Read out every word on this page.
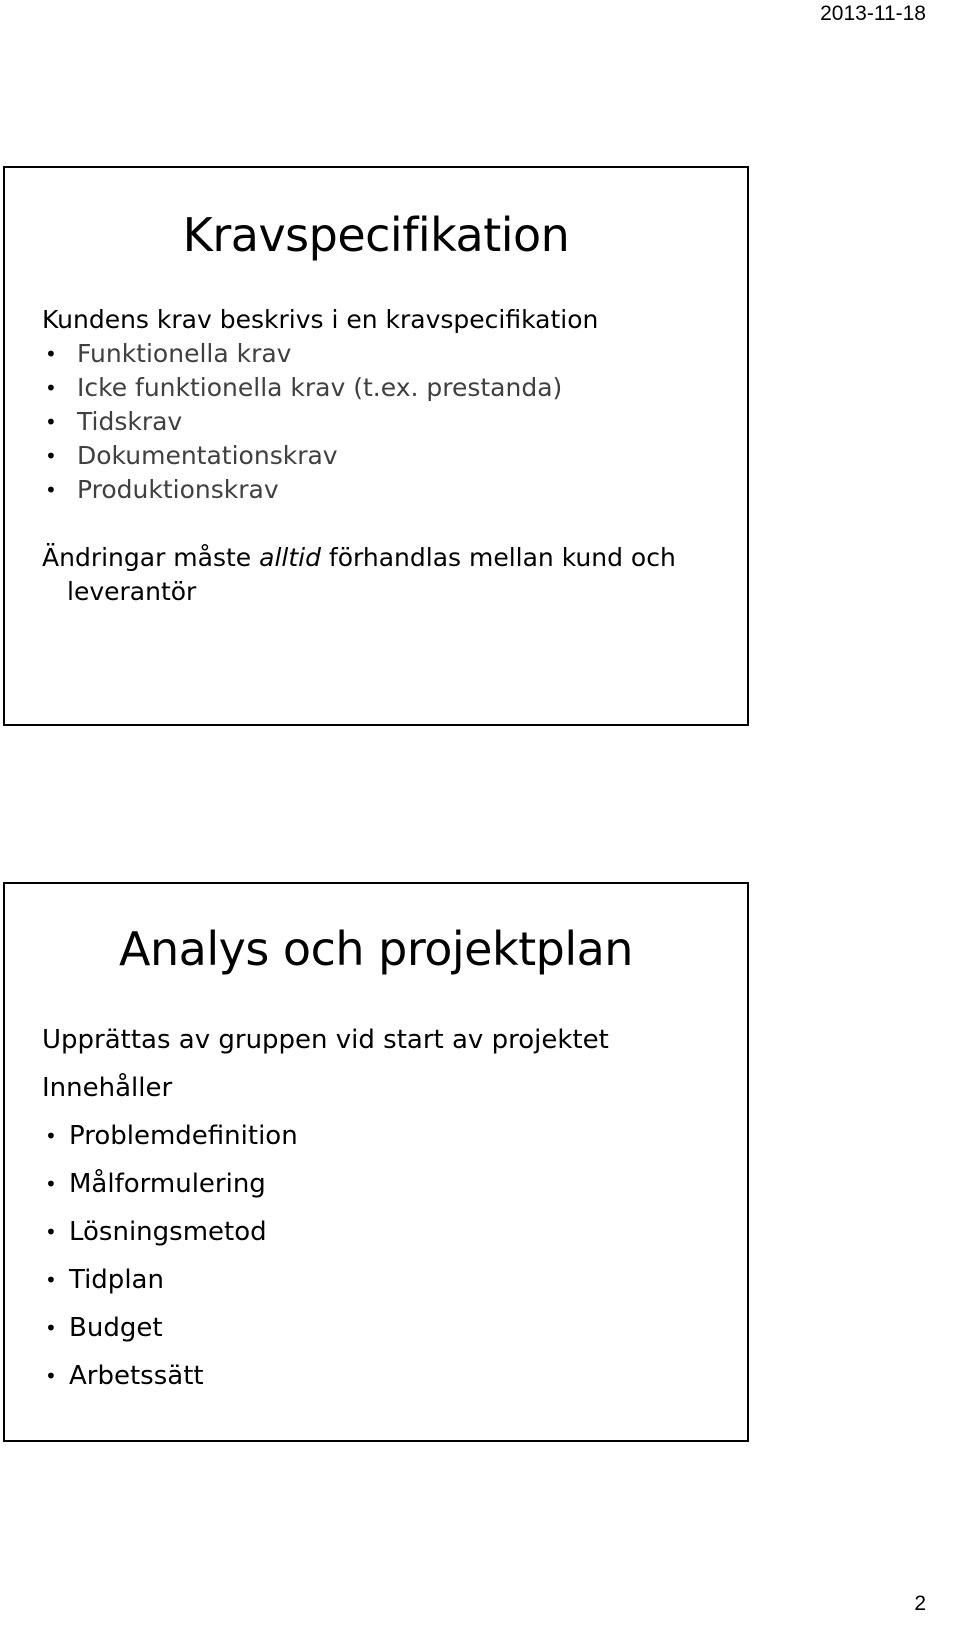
2013-11-18
Kravspecifikation

Kundens krav beskrivs i en kravspecifikation

• Funktionella krav
• Icke funktionella krav (t.ex. prestanda)
• Tidskrav
• Dokumentationskrav
• Produktionskrav

Ändringar måste alltid förhandlas mellan kund och leverantör

Analys och projektplan

Upprättas av gruppen vid start av projektet

Innehåller

• Problemdefinition
• Målformulering
• Lösningsmetod
• Tidplan
• Budget
• Arbetssätt
2
